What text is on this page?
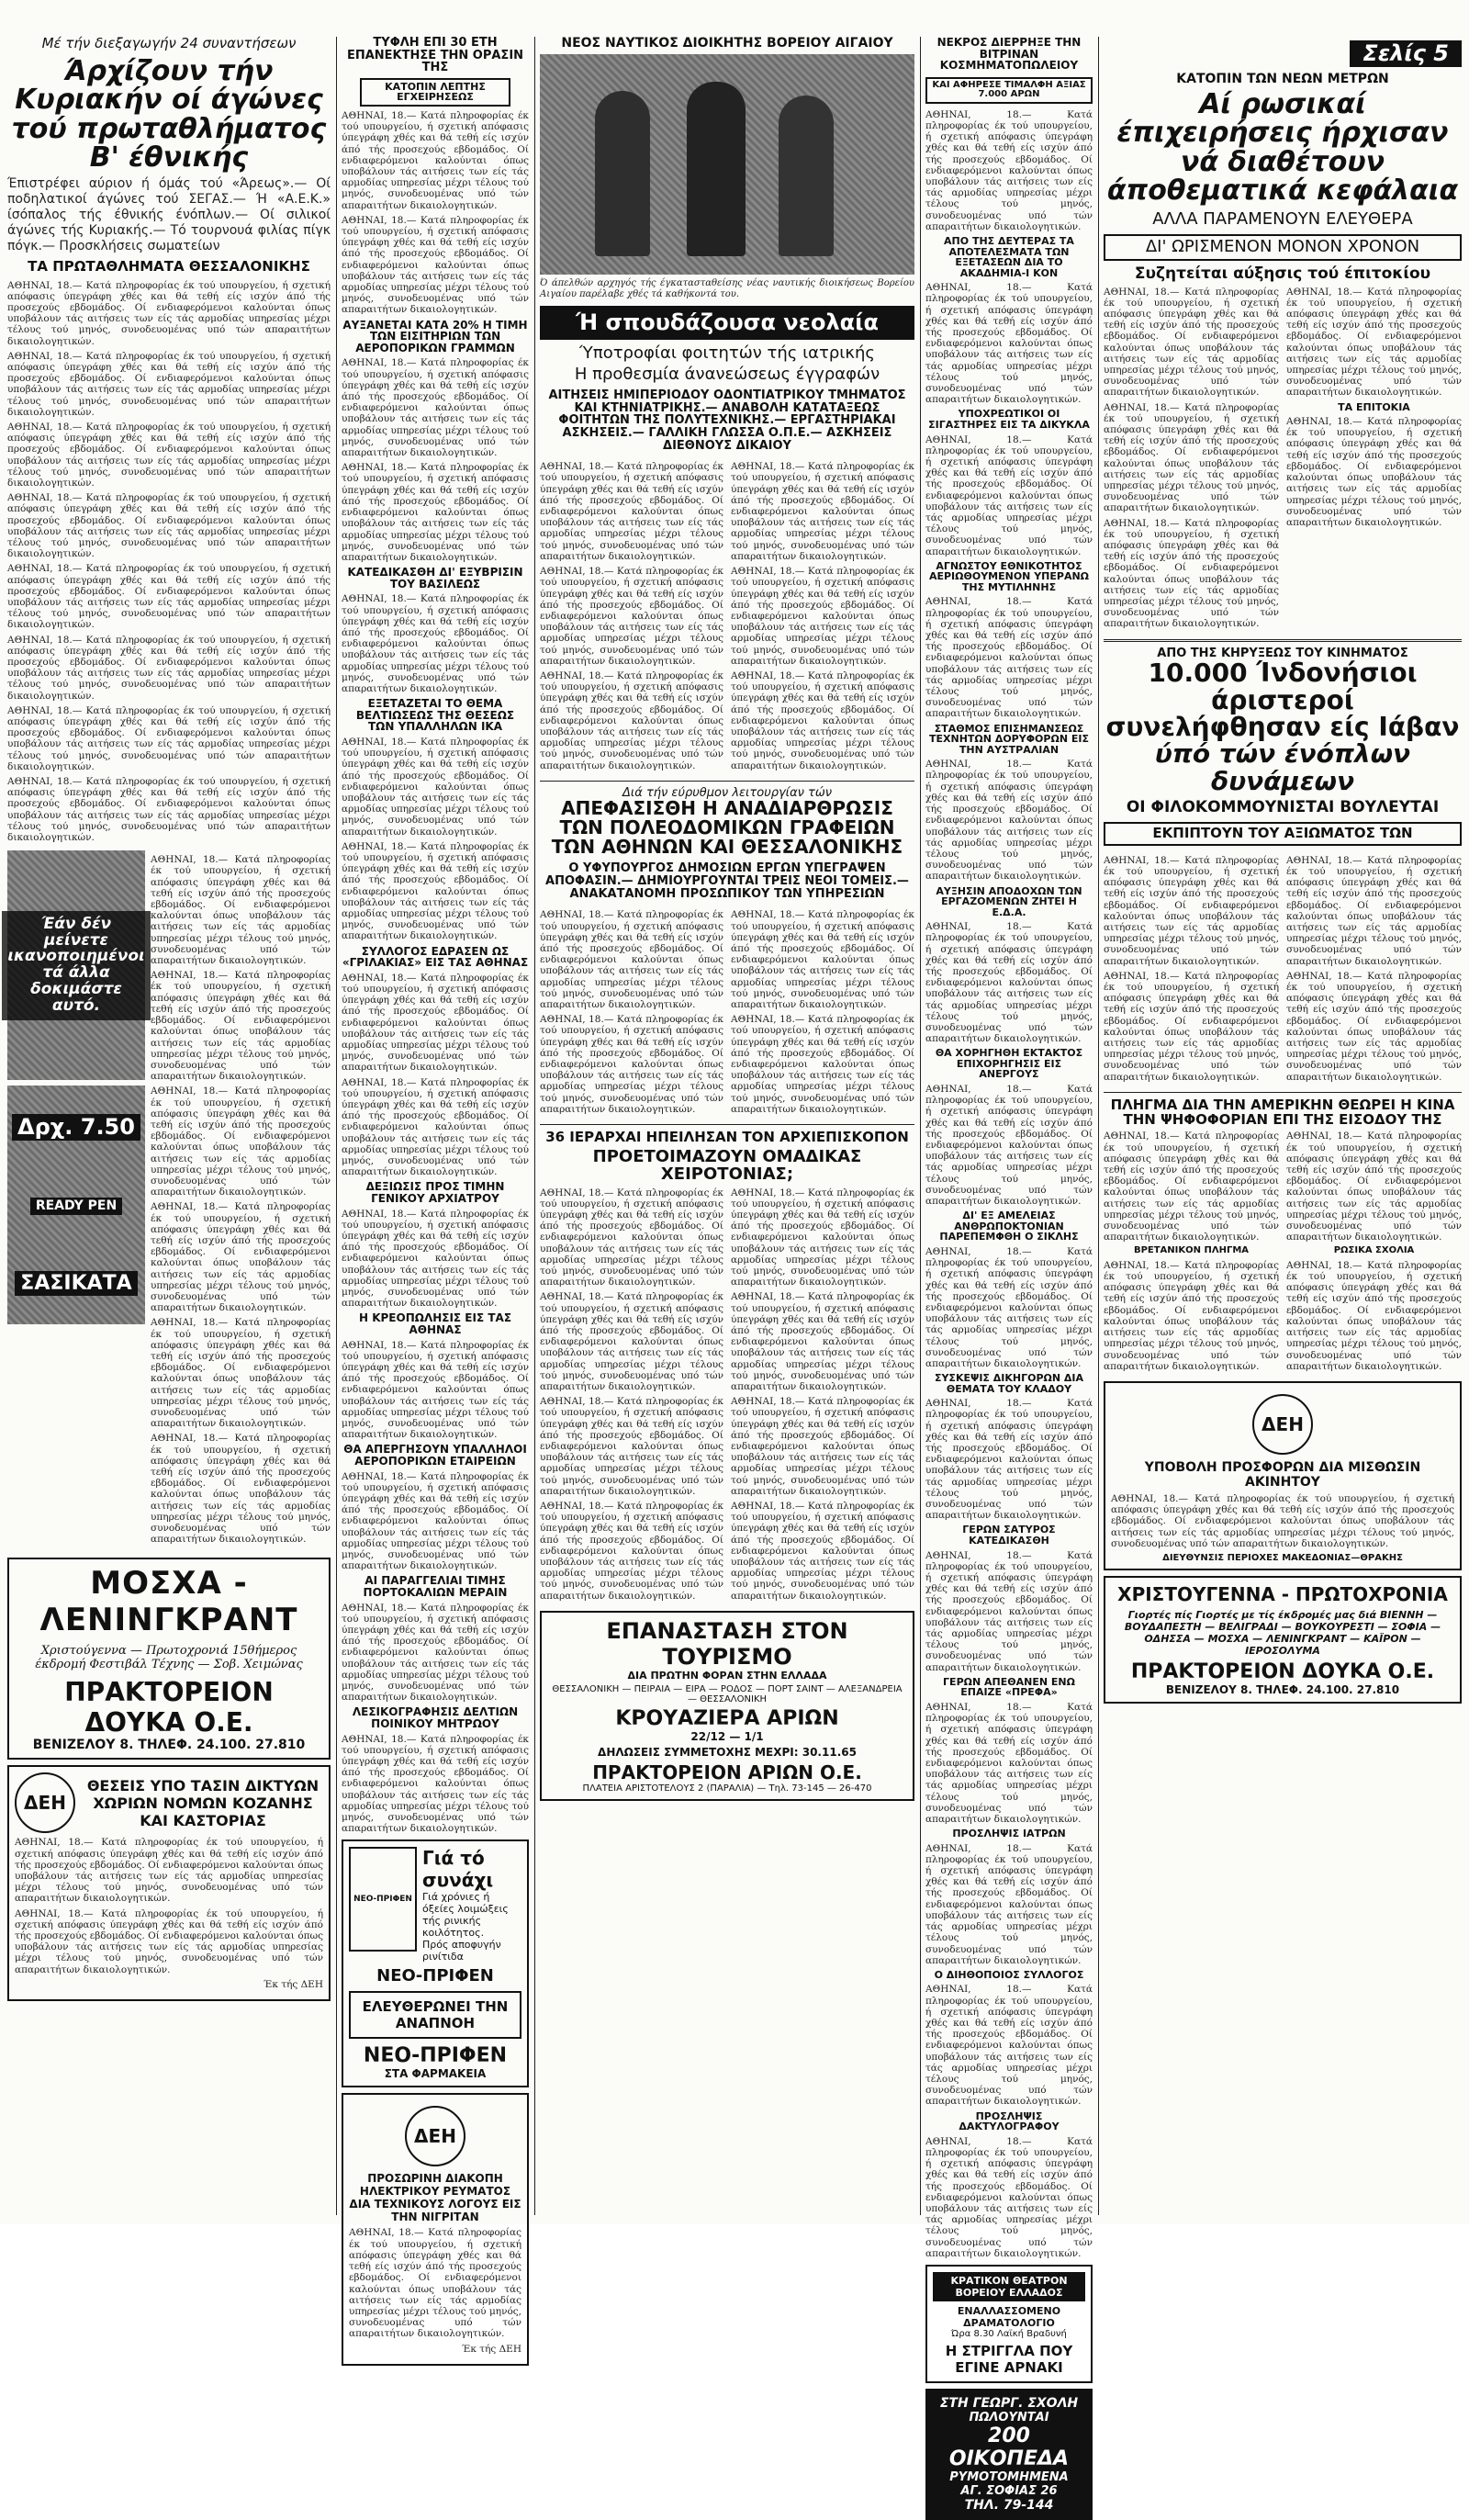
Μέ τήν διεξαγωγήν 24 συναντήσεων
Άρχίζουν τήν Κυριακήν οί άγώνες τού πρωταθλήματος Β' έθνικής
Έπιστρέφει αύριον ή όμάς τού «Άρεως».— Οί ποδηλατικοί άγώνες τού ΣΕΓΑΣ.— Ή «Α.Ε.Κ.» ίσόπαλος τής έθνικής ένόπλων.— Οί σιλικοί άγώνες τής Κυριακής.— Τό τουρνουά φιλίας πίγκ πόγκ.— Προσκλήσεις σωματείων
ΤΑ ΠΡΩΤΑΘΛΗΜΑΤΑ ΘΕΣΣΑΛΟΝΙΚΗΣ
ΑΘΗΝΑΙ, 18.— Κατά πληροφορίας έκ τού υπουργείου, ή σχετική απόφασις ύπεγράφη χθές και θά τεθή είς ισχύν άπό τής προσεχούς εβδομάδος. Οί ενδιαφερόμενοι καλούνται όπως υποβάλουν τάς αιτήσεις των είς τάς αρμοδίας υπηρεσίας μέχρι τέλους τού μηνός, συνοδευομένας υπό τών απαραιτήτων δικαιολογητικών.
ΑΘΗΝΑΙ, 18.— Κατά πληροφορίας έκ τού υπουργείου, ή σχετική απόφασις ύπεγράφη χθές και θά τεθή είς ισχύν άπό τής προσεχούς εβδομάδος. Οί ενδιαφερόμενοι καλούνται όπως υποβάλουν τάς αιτήσεις των είς τάς αρμοδίας υπηρεσίας μέχρι τέλους τού μηνός, συνοδευομένας υπό τών απαραιτήτων δικαιολογητικών.
ΑΘΗΝΑΙ, 18.— Κατά πληροφορίας έκ τού υπουργείου, ή σχετική απόφασις ύπεγράφη χθές και θά τεθή είς ισχύν άπό τής προσεχούς εβδομάδος. Οί ενδιαφερόμενοι καλούνται όπως υποβάλουν τάς αιτήσεις των είς τάς αρμοδίας υπηρεσίας μέχρι τέλους τού μηνός, συνοδευομένας υπό τών απαραιτήτων δικαιολογητικών.
ΑΘΗΝΑΙ, 18.— Κατά πληροφορίας έκ τού υπουργείου, ή σχετική απόφασις ύπεγράφη χθές και θά τεθή είς ισχύν άπό τής προσεχούς εβδομάδος. Οί ενδιαφερόμενοι καλούνται όπως υποβάλουν τάς αιτήσεις των είς τάς αρμοδίας υπηρεσίας μέχρι τέλους τού μηνός, συνοδευομένας υπό τών απαραιτήτων δικαιολογητικών.
ΑΘΗΝΑΙ, 18.— Κατά πληροφορίας έκ τού υπουργείου, ή σχετική απόφασις ύπεγράφη χθές και θά τεθή είς ισχύν άπό τής προσεχούς εβδομάδος. Οί ενδιαφερόμενοι καλούνται όπως υποβάλουν τάς αιτήσεις των είς τάς αρμοδίας υπηρεσίας μέχρι τέλους τού μηνός, συνοδευομένας υπό τών απαραιτήτων δικαιολογητικών.
ΑΘΗΝΑΙ, 18.— Κατά πληροφορίας έκ τού υπουργείου, ή σχετική απόφασις ύπεγράφη χθές και θά τεθή είς ισχύν άπό τής προσεχούς εβδομάδος. Οί ενδιαφερόμενοι καλούνται όπως υποβάλουν τάς αιτήσεις των είς τάς αρμοδίας υπηρεσίας μέχρι τέλους τού μηνός, συνοδευομένας υπό τών απαραιτήτων δικαιολογητικών.
ΑΘΗΝΑΙ, 18.— Κατά πληροφορίας έκ τού υπουργείου, ή σχετική απόφασις ύπεγράφη χθές και θά τεθή είς ισχύν άπό τής προσεχούς εβδομάδος. Οί ενδιαφερόμενοι καλούνται όπως υποβάλουν τάς αιτήσεις των είς τάς αρμοδίας υπηρεσίας μέχρι τέλους τού μηνός, συνοδευομένας υπό τών απαραιτήτων δικαιολογητικών.
ΑΘΗΝΑΙ, 18.— Κατά πληροφορίας έκ τού υπουργείου, ή σχετική απόφασις ύπεγράφη χθές και θά τεθή είς ισχύν άπό τής προσεχούς εβδομάδος. Οί ενδιαφερόμενοι καλούνται όπως υποβάλουν τάς αιτήσεις των είς τάς αρμοδίας υπηρεσίας μέχρι τέλους τού μηνός, συνοδευομένας υπό τών απαραιτήτων δικαιολογητικών.
Έάν δέν μείνετε ικανοποιημένοι τά άλλα δοκιμάστε αυτό.
Δρχ. 7.50
READY PEN
ΣΑΣΙΚΑΤΑ
ΑΘΗΝΑΙ, 18.— Κατά πληροφορίας έκ τού υπουργείου, ή σχετική απόφασις ύπεγράφη χθές και θά τεθή είς ισχύν άπό τής προσεχούς εβδομάδος. Οί ενδιαφερόμενοι καλούνται όπως υποβάλουν τάς αιτήσεις των είς τάς αρμοδίας υπηρεσίας μέχρι τέλους τού μηνός, συνοδευομένας υπό τών απαραιτήτων δικαιολογητικών.
ΑΘΗΝΑΙ, 18.— Κατά πληροφορίας έκ τού υπουργείου, ή σχετική απόφασις ύπεγράφη χθές και θά τεθή είς ισχύν άπό τής προσεχούς εβδομάδος. Οί ενδιαφερόμενοι καλούνται όπως υποβάλουν τάς αιτήσεις των είς τάς αρμοδίας υπηρεσίας μέχρι τέλους τού μηνός, συνοδευομένας υπό τών απαραιτήτων δικαιολογητικών.
ΑΘΗΝΑΙ, 18.— Κατά πληροφορίας έκ τού υπουργείου, ή σχετική απόφασις ύπεγράφη χθές και θά τεθή είς ισχύν άπό τής προσεχούς εβδομάδος. Οί ενδιαφερόμενοι καλούνται όπως υποβάλουν τάς αιτήσεις των είς τάς αρμοδίας υπηρεσίας μέχρι τέλους τού μηνός, συνοδευομένας υπό τών απαραιτήτων δικαιολογητικών.
ΑΘΗΝΑΙ, 18.— Κατά πληροφορίας έκ τού υπουργείου, ή σχετική απόφασις ύπεγράφη χθές και θά τεθή είς ισχύν άπό τής προσεχούς εβδομάδος. Οί ενδιαφερόμενοι καλούνται όπως υποβάλουν τάς αιτήσεις των είς τάς αρμοδίας υπηρεσίας μέχρι τέλους τού μηνός, συνοδευομένας υπό τών απαραιτήτων δικαιολογητικών.
ΑΘΗΝΑΙ, 18.— Κατά πληροφορίας έκ τού υπουργείου, ή σχετική απόφασις ύπεγράφη χθές και θά τεθή είς ισχύν άπό τής προσεχούς εβδομάδος. Οί ενδιαφερόμενοι καλούνται όπως υποβάλουν τάς αιτήσεις των είς τάς αρμοδίας υπηρεσίας μέχρι τέλους τού μηνός, συνοδευομένας υπό τών απαραιτήτων δικαιολογητικών.
ΑΘΗΝΑΙ, 18.— Κατά πληροφορίας έκ τού υπουργείου, ή σχετική απόφασις ύπεγράφη χθές και θά τεθή είς ισχύν άπό τής προσεχούς εβδομάδος. Οί ενδιαφερόμενοι καλούνται όπως υποβάλουν τάς αιτήσεις των είς τάς αρμοδίας υπηρεσίας μέχρι τέλους τού μηνός, συνοδευομένας υπό τών απαραιτήτων δικαιολογητικών.
ΜΟΣΧΑ - ΛΕΝΙΝΓΚΡΑΝΤ
Χριστούγεννα — Πρωτοχρονιά 15θήμερος έκδρομή Φεστιβάλ Τέχνης — Σοβ. Χειμώνας
ΠΡΑΚΤΟΡΕΙΟΝ ΔΟΥΚΑ Ο.Ε.
ΒΕΝΙΖΕΛΟΥ 8. ΤΗΛΕΦ. 24.100. 27.810
ΔΕΗ
ΘΕΣΕΙΣ ΥΠΟ ΤΑΣΙΝ ΔΙΚΤΥΩΝ ΧΩΡΙΩΝ ΝΟΜΩΝ ΚΟΖΑΝΗΣ ΚΑΙ ΚΑΣΤΟΡΙΑΣ
ΑΘΗΝΑΙ, 18.— Κατά πληροφορίας έκ τού υπουργείου, ή σχετική απόφασις ύπεγράφη χθές και θά τεθή είς ισχύν άπό τής προσεχούς εβδομάδος. Οί ενδιαφερόμενοι καλούνται όπως υποβάλουν τάς αιτήσεις των είς τάς αρμοδίας υπηρεσίας μέχρι τέλους τού μηνός, συνοδευομένας υπό τών απαραιτήτων δικαιολογητικών.
ΑΘΗΝΑΙ, 18.— Κατά πληροφορίας έκ τού υπουργείου, ή σχετική απόφασις ύπεγράφη χθές και θά τεθή είς ισχύν άπό τής προσεχούς εβδομάδος. Οί ενδιαφερόμενοι καλούνται όπως υποβάλουν τάς αιτήσεις των είς τάς αρμοδίας υπηρεσίας μέχρι τέλους τού μηνός, συνοδευομένας υπό τών απαραιτήτων δικαιολογητικών.
Έκ τής ΔΕΗ
ΤΥΦΛΗ ΕΠΙ 30 ΕΤΗ ΕΠΑΝΕΚΤΗΣΕ ΤΗΝ ΟΡΑΣΙΝ ΤΗΣ
ΚΑΤΟΠΙΝ ΛΕΠΤΗΣ ΕΓΧΕΙΡΗΣΕΩΣ
ΑΘΗΝΑΙ, 18.— Κατά πληροφορίας έκ τού υπουργείου, ή σχετική απόφασις ύπεγράφη χθές και θά τεθή είς ισχύν άπό τής προσεχούς εβδομάδος. Οί ενδιαφερόμενοι καλούνται όπως υποβάλουν τάς αιτήσεις των είς τάς αρμοδίας υπηρεσίας μέχρι τέλους τού μηνός, συνοδευομένας υπό τών απαραιτήτων δικαιολογητικών.
ΑΘΗΝΑΙ, 18.— Κατά πληροφορίας έκ τού υπουργείου, ή σχετική απόφασις ύπεγράφη χθές και θά τεθή είς ισχύν άπό τής προσεχούς εβδομάδος. Οί ενδιαφερόμενοι καλούνται όπως υποβάλουν τάς αιτήσεις των είς τάς αρμοδίας υπηρεσίας μέχρι τέλους τού μηνός, συνοδευομένας υπό τών απαραιτήτων δικαιολογητικών.
ΑΥΞΑΝΕΤΑΙ ΚΑΤΑ 20% Η ΤΙΜΗ ΤΩΝ ΕΙΣΙΤΗΡΙΩΝ ΤΩΝ ΑΕΡΟΠΟΡΙΚΩΝ ΓΡΑΜΜΩΝ
ΑΘΗΝΑΙ, 18.— Κατά πληροφορίας έκ τού υπουργείου, ή σχετική απόφασις ύπεγράφη χθές και θά τεθή είς ισχύν άπό τής προσεχούς εβδομάδος. Οί ενδιαφερόμενοι καλούνται όπως υποβάλουν τάς αιτήσεις των είς τάς αρμοδίας υπηρεσίας μέχρι τέλους τού μηνός, συνοδευομένας υπό τών απαραιτήτων δικαιολογητικών.
ΑΘΗΝΑΙ, 18.— Κατά πληροφορίας έκ τού υπουργείου, ή σχετική απόφασις ύπεγράφη χθές και θά τεθή είς ισχύν άπό τής προσεχούς εβδομάδος. Οί ενδιαφερόμενοι καλούνται όπως υποβάλουν τάς αιτήσεις των είς τάς αρμοδίας υπηρεσίας μέχρι τέλους τού μηνός, συνοδευομένας υπό τών απαραιτήτων δικαιολογητικών.
ΚΑΤΕΔΙΚΑΣΘΗ ΔΙ' ΕΞΥΒΡΙΣΙΝ ΤΟΥ ΒΑΣΙΛΕΩΣ
ΑΘΗΝΑΙ, 18.— Κατά πληροφορίας έκ τού υπουργείου, ή σχετική απόφασις ύπεγράφη χθές και θά τεθή είς ισχύν άπό τής προσεχούς εβδομάδος. Οί ενδιαφερόμενοι καλούνται όπως υποβάλουν τάς αιτήσεις των είς τάς αρμοδίας υπηρεσίας μέχρι τέλους τού μηνός, συνοδευομένας υπό τών απαραιτήτων δικαιολογητικών.
ΕΞΕΤΑΖΕΤΑΙ ΤΟ ΘΕΜΑ ΒΕΛΤΙΩΣΕΩΣ ΤΗΣ ΘΕΣΕΩΣ ΤΩΝ ΥΠΑΛΛΗΛΩΝ ΙΚΑ
ΑΘΗΝΑΙ, 18.— Κατά πληροφορίας έκ τού υπουργείου, ή σχετική απόφασις ύπεγράφη χθές και θά τεθή είς ισχύν άπό τής προσεχούς εβδομάδος. Οί ενδιαφερόμενοι καλούνται όπως υποβάλουν τάς αιτήσεις των είς τάς αρμοδίας υπηρεσίας μέχρι τέλους τού μηνός, συνοδευομένας υπό τών απαραιτήτων δικαιολογητικών.
ΑΘΗΝΑΙ, 18.— Κατά πληροφορίας έκ τού υπουργείου, ή σχετική απόφασις ύπεγράφη χθές και θά τεθή είς ισχύν άπό τής προσεχούς εβδομάδος. Οί ενδιαφερόμενοι καλούνται όπως υποβάλουν τάς αιτήσεις των είς τάς αρμοδίας υπηρεσίας μέχρι τέλους τού μηνός, συνοδευομένας υπό τών απαραιτήτων δικαιολογητικών.
ΣΥΛΛΟΓΟΣ ΕΔΡΑΣΕΝ ΩΣ «ΓΡΙΛΑΚΙΑΣ» ΕΙΣ ΤΑΣ ΑΘΗΝΑΣ
ΑΘΗΝΑΙ, 18.— Κατά πληροφορίας έκ τού υπουργείου, ή σχετική απόφασις ύπεγράφη χθές και θά τεθή είς ισχύν άπό τής προσεχούς εβδομάδος. Οί ενδιαφερόμενοι καλούνται όπως υποβάλουν τάς αιτήσεις των είς τάς αρμοδίας υπηρεσίας μέχρι τέλους τού μηνός, συνοδευομένας υπό τών απαραιτήτων δικαιολογητικών.
ΑΘΗΝΑΙ, 18.— Κατά πληροφορίας έκ τού υπουργείου, ή σχετική απόφασις ύπεγράφη χθές και θά τεθή είς ισχύν άπό τής προσεχούς εβδομάδος. Οί ενδιαφερόμενοι καλούνται όπως υποβάλουν τάς αιτήσεις των είς τάς αρμοδίας υπηρεσίας μέχρι τέλους τού μηνός, συνοδευομένας υπό τών απαραιτήτων δικαιολογητικών.
ΔΕΞΙΩΣΙΣ ΠΡΟΣ ΤΙΜΗΝ ΓΕΝΙΚΟΥ ΑΡΧΙΑΤΡΟΥ
ΑΘΗΝΑΙ, 18.— Κατά πληροφορίας έκ τού υπουργείου, ή σχετική απόφασις ύπεγράφη χθές και θά τεθή είς ισχύν άπό τής προσεχούς εβδομάδος. Οί ενδιαφερόμενοι καλούνται όπως υποβάλουν τάς αιτήσεις των είς τάς αρμοδίας υπηρεσίας μέχρι τέλους τού μηνός, συνοδευομένας υπό τών απαραιτήτων δικαιολογητικών.
Η ΚΡΕΟΠΩΛΗΣΙΣ ΕΙΣ ΤΑΣ ΑΘΗΝΑΣ
ΑΘΗΝΑΙ, 18.— Κατά πληροφορίας έκ τού υπουργείου, ή σχετική απόφασις ύπεγράφη χθές και θά τεθή είς ισχύν άπό τής προσεχούς εβδομάδος. Οί ενδιαφερόμενοι καλούνται όπως υποβάλουν τάς αιτήσεις των είς τάς αρμοδίας υπηρεσίας μέχρι τέλους τού μηνός, συνοδευομένας υπό τών απαραιτήτων δικαιολογητικών.
ΘΑ ΑΠΕΡΓΗΣΟΥΝ ΥΠΑΛΛΗΛΟΙ ΑΕΡΟΠΟΡΙΚΩΝ ΕΤΑΙΡΕΙΩΝ
ΑΘΗΝΑΙ, 18.— Κατά πληροφορίας έκ τού υπουργείου, ή σχετική απόφασις ύπεγράφη χθές και θά τεθή είς ισχύν άπό τής προσεχούς εβδομάδος. Οί ενδιαφερόμενοι καλούνται όπως υποβάλουν τάς αιτήσεις των είς τάς αρμοδίας υπηρεσίας μέχρι τέλους τού μηνός, συνοδευομένας υπό τών απαραιτήτων δικαιολογητικών.
ΑΙ ΠΑΡΑΓΓΕΛΙΑΙ ΤΙΜΗΣ ΠΟΡΤΟΚΑΛΙΩΝ ΜΕΡΑΙΝ
ΑΘΗΝΑΙ, 18.— Κατά πληροφορίας έκ τού υπουργείου, ή σχετική απόφασις ύπεγράφη χθές και θά τεθή είς ισχύν άπό τής προσεχούς εβδομάδος. Οί ενδιαφερόμενοι καλούνται όπως υποβάλουν τάς αιτήσεις των είς τάς αρμοδίας υπηρεσίας μέχρι τέλους τού μηνός, συνοδευομένας υπό τών απαραιτήτων δικαιολογητικών.
ΛΕΣΙΚΟΓΡΑΦΗΣΙΣ ΔΕΛΤΙΩΝ ΠΟΙΝΙΚΟΥ ΜΗΤΡΩΟΥ
ΑΘΗΝΑΙ, 18.— Κατά πληροφορίας έκ τού υπουργείου, ή σχετική απόφασις ύπεγράφη χθές και θά τεθή είς ισχύν άπό τής προσεχούς εβδομάδος. Οί ενδιαφερόμενοι καλούνται όπως υποβάλουν τάς αιτήσεις των είς τάς αρμοδίας υπηρεσίας μέχρι τέλους τού μηνός, συνοδευομένας υπό τών απαραιτήτων δικαιολογητικών.
ΝΕΟ-ΠΡΙΦΕΝ
Γιά τό συνάχι
Γιά χρόνιες ή όξείες λοιμώξεις τής ρινικής κοιλότητος.
Πρός αποφυγήν ρινίτιδα
ΝΕΟ-ΠΡΙΦΕΝ
ΕΛΕΥΘΕΡΩΝΕΙ ΤΗΝ ΑΝΑΠΝΟΗ
ΝΕΟ-ΠΡΙΦΕΝ
ΣΤΑ ΦΑΡΜΑΚΕΙΑ
ΔΕΗ
ΠΡΟΣΩΡΙΝΗ ΔΙΑΚΟΠΗ ΗΛΕΚΤΡΙΚΟΥ ΡΕΥΜΑΤΟΣ ΔΙΑ ΤΕΧΝΙΚΟΥΣ ΛΟΓΟΥΣ ΕΙΣ ΤΗΝ ΝΙΓΡΙΤΑΝ
ΑΘΗΝΑΙ, 18.— Κατά πληροφορίας έκ τού υπουργείου, ή σχετική απόφασις ύπεγράφη χθές και θά τεθή είς ισχύν άπό τής προσεχούς εβδομάδος. Οί ενδιαφερόμενοι καλούνται όπως υποβάλουν τάς αιτήσεις των είς τάς αρμοδίας υπηρεσίας μέχρι τέλους τού μηνός, συνοδευομένας υπό τών απαραιτήτων δικαιολογητικών.
Έκ τής ΔΕΗ
ΝΕΟΣ ΝΑΥΤΙΚΟΣ ΔΙΟΙΚΗΤΗΣ ΒΟΡΕΙΟΥ ΑΙΓΑΙΟΥ
Ό άπελθών αρχηγός τής έγκατασταθείσης νέας ναυτικής διοικήσεως Βορείου Αιγαίου παρέλαβε χθές τά καθήκοντά του.
Ή σπουδάζουσα νεολαία
Ύποτροφίαι φοιτητών τής ιατρικής
Η προθεσμία άνανεώσεως έγγραφών
ΑΙΤΗΣΕΙΣ ΗΜΙΠΕΡΙΟΔΟΥ ΟΔΟΝΤΙΑΤΡΙΚΟΥ ΤΜΗΜΑΤΟΣ ΚΑΙ ΚΤΗΝΙΑΤΡΙΚΗΣ.— ΑΝΑΒΟΛΗ ΚΑΤΑΤΑΞΕΩΣ ΦΟΙΤΗΤΩΝ ΤΗΣ ΠΟΛΥΤΕΧΝΙΚΗΣ.— ΕΡΓΑΣΤΗΡΙΑΚΑΙ ΑΣΚΗΣΕΙΣ.— ΓΑΛΛΙΚΗ ΓΛΩΣΣΑ Ο.Π.Ε.— ΑΣΚΗΣΕΙΣ ΔΙΕΘΝΟΥΣ ΔΙΚΑΙΟΥ
ΑΘΗΝΑΙ, 18.— Κατά πληροφορίας έκ τού υπουργείου, ή σχετική απόφασις ύπεγράφη χθές και θά τεθή είς ισχύν άπό τής προσεχούς εβδομάδος. Οί ενδιαφερόμενοι καλούνται όπως υποβάλουν τάς αιτήσεις των είς τάς αρμοδίας υπηρεσίας μέχρι τέλους τού μηνός, συνοδευομένας υπό τών απαραιτήτων δικαιολογητικών.
ΑΘΗΝΑΙ, 18.— Κατά πληροφορίας έκ τού υπουργείου, ή σχετική απόφασις ύπεγράφη χθές και θά τεθή είς ισχύν άπό τής προσεχούς εβδομάδος. Οί ενδιαφερόμενοι καλούνται όπως υποβάλουν τάς αιτήσεις των είς τάς αρμοδίας υπηρεσίας μέχρι τέλους τού μηνός, συνοδευομένας υπό τών απαραιτήτων δικαιολογητικών.
ΑΘΗΝΑΙ, 18.— Κατά πληροφορίας έκ τού υπουργείου, ή σχετική απόφασις ύπεγράφη χθές και θά τεθή είς ισχύν άπό τής προσεχούς εβδομάδος. Οί ενδιαφερόμενοι καλούνται όπως υποβάλουν τάς αιτήσεις των είς τάς αρμοδίας υπηρεσίας μέχρι τέλους τού μηνός, συνοδευομένας υπό τών απαραιτήτων δικαιολογητικών.
ΑΘΗΝΑΙ, 18.— Κατά πληροφορίας έκ τού υπουργείου, ή σχετική απόφασις ύπεγράφη χθές και θά τεθή είς ισχύν άπό τής προσεχούς εβδομάδος. Οί ενδιαφερόμενοι καλούνται όπως υποβάλουν τάς αιτήσεις των είς τάς αρμοδίας υπηρεσίας μέχρι τέλους τού μηνός, συνοδευομένας υπό τών απαραιτήτων δικαιολογητικών.
ΑΘΗΝΑΙ, 18.— Κατά πληροφορίας έκ τού υπουργείου, ή σχετική απόφασις ύπεγράφη χθές και θά τεθή είς ισχύν άπό τής προσεχούς εβδομάδος. Οί ενδιαφερόμενοι καλούνται όπως υποβάλουν τάς αιτήσεις των είς τάς αρμοδίας υπηρεσίας μέχρι τέλους τού μηνός, συνοδευομένας υπό τών απαραιτήτων δικαιολογητικών.
ΑΘΗΝΑΙ, 18.— Κατά πληροφορίας έκ τού υπουργείου, ή σχετική απόφασις ύπεγράφη χθές και θά τεθή είς ισχύν άπό τής προσεχούς εβδομάδος. Οί ενδιαφερόμενοι καλούνται όπως υποβάλουν τάς αιτήσεις των είς τάς αρμοδίας υπηρεσίας μέχρι τέλους τού μηνός, συνοδευομένας υπό τών απαραιτήτων δικαιολογητικών.
Διά τήν εύρυθμον λειτουργίαν τών
ΑΠΕΦΑΣΙΣΘΗ Η ΑΝΑΔΙΑΡΘΡΩΣΙΣ ΤΩΝ ΠΟΛΕΟΔΟΜΙΚΩΝ ΓΡΑΦΕΙΩΝ ΤΩΝ ΑΘΗΝΩΝ ΚΑΙ ΘΕΣΣΑΛΟΝΙΚΗΣ
Ο ΥΦΥΠΟΥΡΓΟΣ ΔΗΜΟΣΙΩΝ ΕΡΓΩΝ ΥΠΕΓΡΑΨΕΝ ΑΠΟΦΑΣΙΝ.— ΔΗΜΙΟΥΡΓΟΥΝΤΑΙ ΤΡΕΙΣ ΝΕΟΙ ΤΟΜΕΙΣ.— ΑΝΑΚΑΤΑΝΟΜΗ ΠΡΟΣΩΠΙΚΟΥ ΤΩΝ ΥΠΗΡΕΣΙΩΝ
ΑΘΗΝΑΙ, 18.— Κατά πληροφορίας έκ τού υπουργείου, ή σχετική απόφασις ύπεγράφη χθές και θά τεθή είς ισχύν άπό τής προσεχούς εβδομάδος. Οί ενδιαφερόμενοι καλούνται όπως υποβάλουν τάς αιτήσεις των είς τάς αρμοδίας υπηρεσίας μέχρι τέλους τού μηνός, συνοδευομένας υπό τών απαραιτήτων δικαιολογητικών.
ΑΘΗΝΑΙ, 18.— Κατά πληροφορίας έκ τού υπουργείου, ή σχετική απόφασις ύπεγράφη χθές και θά τεθή είς ισχύν άπό τής προσεχούς εβδομάδος. Οί ενδιαφερόμενοι καλούνται όπως υποβάλουν τάς αιτήσεις των είς τάς αρμοδίας υπηρεσίας μέχρι τέλους τού μηνός, συνοδευομένας υπό τών απαραιτήτων δικαιολογητικών.
ΑΘΗΝΑΙ, 18.— Κατά πληροφορίας έκ τού υπουργείου, ή σχετική απόφασις ύπεγράφη χθές και θά τεθή είς ισχύν άπό τής προσεχούς εβδομάδος. Οί ενδιαφερόμενοι καλούνται όπως υποβάλουν τάς αιτήσεις των είς τάς αρμοδίας υπηρεσίας μέχρι τέλους τού μηνός, συνοδευομένας υπό τών απαραιτήτων δικαιολογητικών.
ΑΘΗΝΑΙ, 18.— Κατά πληροφορίας έκ τού υπουργείου, ή σχετική απόφασις ύπεγράφη χθές και θά τεθή είς ισχύν άπό τής προσεχούς εβδομάδος. Οί ενδιαφερόμενοι καλούνται όπως υποβάλουν τάς αιτήσεις των είς τάς αρμοδίας υπηρεσίας μέχρι τέλους τού μηνός, συνοδευομένας υπό τών απαραιτήτων δικαιολογητικών.
36 ΙΕΡΑΡΧΑΙ ΗΠΕΙΛΗΣΑΝ ΤΟΝ ΑΡΧΙΕΠΙΣΚΟΠΟΝ
ΠΡΟΕΤΟΙΜΑΖΟΥΝ ΟΜΑΔΙΚΑΣ ΧΕΙΡΟΤΟΝΙΑΣ;
ΑΘΗΝΑΙ, 18.— Κατά πληροφορίας έκ τού υπουργείου, ή σχετική απόφασις ύπεγράφη χθές και θά τεθή είς ισχύν άπό τής προσεχούς εβδομάδος. Οί ενδιαφερόμενοι καλούνται όπως υποβάλουν τάς αιτήσεις των είς τάς αρμοδίας υπηρεσίας μέχρι τέλους τού μηνός, συνοδευομένας υπό τών απαραιτήτων δικαιολογητικών.
ΑΘΗΝΑΙ, 18.— Κατά πληροφορίας έκ τού υπουργείου, ή σχετική απόφασις ύπεγράφη χθές και θά τεθή είς ισχύν άπό τής προσεχούς εβδομάδος. Οί ενδιαφερόμενοι καλούνται όπως υποβάλουν τάς αιτήσεις των είς τάς αρμοδίας υπηρεσίας μέχρι τέλους τού μηνός, συνοδευομένας υπό τών απαραιτήτων δικαιολογητικών.
ΑΘΗΝΑΙ, 18.— Κατά πληροφορίας έκ τού υπουργείου, ή σχετική απόφασις ύπεγράφη χθές και θά τεθή είς ισχύν άπό τής προσεχούς εβδομάδος. Οί ενδιαφερόμενοι καλούνται όπως υποβάλουν τάς αιτήσεις των είς τάς αρμοδίας υπηρεσίας μέχρι τέλους τού μηνός, συνοδευομένας υπό τών απαραιτήτων δικαιολογητικών.
ΑΘΗΝΑΙ, 18.— Κατά πληροφορίας έκ τού υπουργείου, ή σχετική απόφασις ύπεγράφη χθές και θά τεθή είς ισχύν άπό τής προσεχούς εβδομάδος. Οί ενδιαφερόμενοι καλούνται όπως υποβάλουν τάς αιτήσεις των είς τάς αρμοδίας υπηρεσίας μέχρι τέλους τού μηνός, συνοδευομένας υπό τών απαραιτήτων δικαιολογητικών.
ΑΘΗΝΑΙ, 18.— Κατά πληροφορίας έκ τού υπουργείου, ή σχετική απόφασις ύπεγράφη χθές και θά τεθή είς ισχύν άπό τής προσεχούς εβδομάδος. Οί ενδιαφερόμενοι καλούνται όπως υποβάλουν τάς αιτήσεις των είς τάς αρμοδίας υπηρεσίας μέχρι τέλους τού μηνός, συνοδευομένας υπό τών απαραιτήτων δικαιολογητικών.
ΑΘΗΝΑΙ, 18.— Κατά πληροφορίας έκ τού υπουργείου, ή σχετική απόφασις ύπεγράφη χθές και θά τεθή είς ισχύν άπό τής προσεχούς εβδομάδος. Οί ενδιαφερόμενοι καλούνται όπως υποβάλουν τάς αιτήσεις των είς τάς αρμοδίας υπηρεσίας μέχρι τέλους τού μηνός, συνοδευομένας υπό τών απαραιτήτων δικαιολογητικών.
ΑΘΗΝΑΙ, 18.— Κατά πληροφορίας έκ τού υπουργείου, ή σχετική απόφασις ύπεγράφη χθές και θά τεθή είς ισχύν άπό τής προσεχούς εβδομάδος. Οί ενδιαφερόμενοι καλούνται όπως υποβάλουν τάς αιτήσεις των είς τάς αρμοδίας υπηρεσίας μέχρι τέλους τού μηνός, συνοδευομένας υπό τών απαραιτήτων δικαιολογητικών.
ΑΘΗΝΑΙ, 18.— Κατά πληροφορίας έκ τού υπουργείου, ή σχετική απόφασις ύπεγράφη χθές και θά τεθή είς ισχύν άπό τής προσεχούς εβδομάδος. Οί ενδιαφερόμενοι καλούνται όπως υποβάλουν τάς αιτήσεις των είς τάς αρμοδίας υπηρεσίας μέχρι τέλους τού μηνός, συνοδευομένας υπό τών απαραιτήτων δικαιολογητικών.
ΕΠΑΝΑΣΤΑΣΗ ΣΤΟΝ ΤΟΥΡΙΣΜΟ
ΔΙΑ ΠΡΩΤΗΝ ΦΟΡΑΝ ΣΤΗΝ ΕΛΛΑΔΑ
ΘΕΣΣΑΛΟΝΙΚΗ — ΠΕΙΡΑΙΑ — ΕΙΡΑ — ΡΟΔΟΣ — ΠΟΡΤ ΣΑΙΝΤ — ΑΛΕΞΑΝΔΡΕΙΑ — ΘΕΣΣΑΛΟΝΙΚΗ
ΚΡΟΥΑΖΙΕΡΑ ΑΡΙΩΝ
22/12 — 1/1
ΔΗΛΩΣΕΙΣ ΣΥΜΜΕΤΟΧΗΣ ΜΕΧΡΙ: 30.11.65
ΠΡΑΚΤΟΡΕΙΟΝ ΑΡΙΩΝ Ο.Ε.
ΠΛΑΤΕΙΑ ΑΡΙΣΤΟΤΕΛΟΥΣ 2 (ΠΑΡΑΛΙΑ) — Τηλ. 73-145 — 26-470
ΝΕΚΡΟΣ ΔΙΕΡΡΗΞΕ ΤΗΝ ΒΙΤΡΙΝΑΝ ΚΟΣΜΗΜΑΤΟΠΩΛΕΙΟΥ
ΚΑΙ ΑΦΗΡΕΣΕ ΤΙΜΑΛΦΗ ΑΞΙΑΣ 7.000 ΑΡΩΝ
ΑΘΗΝΑΙ, 18.— Κατά πληροφορίας έκ τού υπουργείου, ή σχετική απόφασις ύπεγράφη χθές και θά τεθή είς ισχύν άπό τής προσεχούς εβδομάδος. Οί ενδιαφερόμενοι καλούνται όπως υποβάλουν τάς αιτήσεις των είς τάς αρμοδίας υπηρεσίας μέχρι τέλους τού μηνός, συνοδευομένας υπό τών απαραιτήτων δικαιολογητικών.
ΑΠΟ ΤΗΣ ΔΕΥΤΕΡΑΣ ΤΑ ΑΠΟΤΕΛΕΣΜΑΤΑ ΤΩΝ ΕΞΕΤΑΣΕΩΝ ΔΙΑ ΤΟ ΑΚΑΔΗΜΙΑ-Ι ΚΟΝ
ΑΘΗΝΑΙ, 18.— Κατά πληροφορίας έκ τού υπουργείου, ή σχετική απόφασις ύπεγράφη χθές και θά τεθή είς ισχύν άπό τής προσεχούς εβδομάδος. Οί ενδιαφερόμενοι καλούνται όπως υποβάλουν τάς αιτήσεις των είς τάς αρμοδίας υπηρεσίας μέχρι τέλους τού μηνός, συνοδευομένας υπό τών απαραιτήτων δικαιολογητικών.
ΥΠΟΧΡΕΩΤΙΚΟΙ ΟΙ ΣΙΓΑΣΤΗΡΕΣ ΕΙΣ ΤΑ ΔΙΚΥΚΛΑ
ΑΘΗΝΑΙ, 18.— Κατά πληροφορίας έκ τού υπουργείου, ή σχετική απόφασις ύπεγράφη χθές και θά τεθή είς ισχύν άπό τής προσεχούς εβδομάδος. Οί ενδιαφερόμενοι καλούνται όπως υποβάλουν τάς αιτήσεις των είς τάς αρμοδίας υπηρεσίας μέχρι τέλους τού μηνός, συνοδευομένας υπό τών απαραιτήτων δικαιολογητικών.
ΑΓΝΩΣΤΟΥ ΕΘΝΙΚΟΤΗΤΟΣ ΑΕΡΙΩΘΟΥΜΕΝΟΝ ΥΠΕΡΑΝΩ ΤΗΣ ΜΥΤΙΛΗΝΗΣ
ΑΘΗΝΑΙ, 18.— Κατά πληροφορίας έκ τού υπουργείου, ή σχετική απόφασις ύπεγράφη χθές και θά τεθή είς ισχύν άπό τής προσεχούς εβδομάδος. Οί ενδιαφερόμενοι καλούνται όπως υποβάλουν τάς αιτήσεις των είς τάς αρμοδίας υπηρεσίας μέχρι τέλους τού μηνός, συνοδευομένας υπό τών απαραιτήτων δικαιολογητικών.
ΣΤΑΘΜΟΣ ΕΠΙΣΗΜΑΝΣΕΩΣ ΤΕΧΝΗΤΩΝ ΔΟΡΥΦΟΡΩΝ ΕΙΣ ΤΗΝ ΑΥΣΤΡΑΛΙΑΝ
ΑΘΗΝΑΙ, 18.— Κατά πληροφορίας έκ τού υπουργείου, ή σχετική απόφασις ύπεγράφη χθές και θά τεθή είς ισχύν άπό τής προσεχούς εβδομάδος. Οί ενδιαφερόμενοι καλούνται όπως υποβάλουν τάς αιτήσεις των είς τάς αρμοδίας υπηρεσίας μέχρι τέλους τού μηνός, συνοδευομένας υπό τών απαραιτήτων δικαιολογητικών.
ΑΥΞΗΣΙΝ ΑΠΟΔΟΧΩΝ ΤΩΝ ΕΡΓΑΖΟΜΕΝΩΝ ΖΗΤΕΙ Η Ε.Δ.Α.
ΑΘΗΝΑΙ, 18.— Κατά πληροφορίας έκ τού υπουργείου, ή σχετική απόφασις ύπεγράφη χθές και θά τεθή είς ισχύν άπό τής προσεχούς εβδομάδος. Οί ενδιαφερόμενοι καλούνται όπως υποβάλουν τάς αιτήσεις των είς τάς αρμοδίας υπηρεσίας μέχρι τέλους τού μηνός, συνοδευομένας υπό τών απαραιτήτων δικαιολογητικών.
ΘΑ ΧΟΡΗΓΗΘΗ ΕΚΤΑΚΤΟΣ ΕΠΙΧΟΡΗΓΗΣΙΣ ΕΙΣ ΑΝΕΡΓΟΥΣ
ΑΘΗΝΑΙ, 18.— Κατά πληροφορίας έκ τού υπουργείου, ή σχετική απόφασις ύπεγράφη χθές και θά τεθή είς ισχύν άπό τής προσεχούς εβδομάδος. Οί ενδιαφερόμενοι καλούνται όπως υποβάλουν τάς αιτήσεις των είς τάς αρμοδίας υπηρεσίας μέχρι τέλους τού μηνός, συνοδευομένας υπό τών απαραιτήτων δικαιολογητικών.
ΔΙ' ΕΞ ΑΜΕΛΕΙΑΣ ΑΝΘΡΩΠΟΚΤΟΝΙΑΝ ΠΑΡΕΠΕΜΦΘΗ Ο ΣΙΚΛΗΣ
ΑΘΗΝΑΙ, 18.— Κατά πληροφορίας έκ τού υπουργείου, ή σχετική απόφασις ύπεγράφη χθές και θά τεθή είς ισχύν άπό τής προσεχούς εβδομάδος. Οί ενδιαφερόμενοι καλούνται όπως υποβάλουν τάς αιτήσεις των είς τάς αρμοδίας υπηρεσίας μέχρι τέλους τού μηνός, συνοδευομένας υπό τών απαραιτήτων δικαιολογητικών.
ΣΥΣΚΕΨΙΣ ΔΙΚΗΓΟΡΩΝ ΔΙΑ ΘΕΜΑΤΑ ΤΟΥ ΚΛΑΔΟΥ
ΑΘΗΝΑΙ, 18.— Κατά πληροφορίας έκ τού υπουργείου, ή σχετική απόφασις ύπεγράφη χθές και θά τεθή είς ισχύν άπό τής προσεχούς εβδομάδος. Οί ενδιαφερόμενοι καλούνται όπως υποβάλουν τάς αιτήσεις των είς τάς αρμοδίας υπηρεσίας μέχρι τέλους τού μηνός, συνοδευομένας υπό τών απαραιτήτων δικαιολογητικών.
ΓΕΡΩΝ ΣΑΤΥΡΟΣ ΚΑΤΕΔΙΚΑΣΘΗ
ΑΘΗΝΑΙ, 18.— Κατά πληροφορίας έκ τού υπουργείου, ή σχετική απόφασις ύπεγράφη χθές και θά τεθή είς ισχύν άπό τής προσεχούς εβδομάδος. Οί ενδιαφερόμενοι καλούνται όπως υποβάλουν τάς αιτήσεις των είς τάς αρμοδίας υπηρεσίας μέχρι τέλους τού μηνός, συνοδευομένας υπό τών απαραιτήτων δικαιολογητικών.
ΓΕΡΩΝ ΑΠΕΘΑΝΕΝ ΕΝΩ ΕΠΑΙΖΕ «ΠΡΕΦΑ»
ΑΘΗΝΑΙ, 18.— Κατά πληροφορίας έκ τού υπουργείου, ή σχετική απόφασις ύπεγράφη χθές και θά τεθή είς ισχύν άπό τής προσεχούς εβδομάδος. Οί ενδιαφερόμενοι καλούνται όπως υποβάλουν τάς αιτήσεις των είς τάς αρμοδίας υπηρεσίας μέχρι τέλους τού μηνός, συνοδευομένας υπό τών απαραιτήτων δικαιολογητικών.
ΠΡΟΣΛΗΨΙΣ ΙΑΤΡΩΝ
ΑΘΗΝΑΙ, 18.— Κατά πληροφορίας έκ τού υπουργείου, ή σχετική απόφασις ύπεγράφη χθές και θά τεθή είς ισχύν άπό τής προσεχούς εβδομάδος. Οί ενδιαφερόμενοι καλούνται όπως υποβάλουν τάς αιτήσεις των είς τάς αρμοδίας υπηρεσίας μέχρι τέλους τού μηνός, συνοδευομένας υπό τών απαραιτήτων δικαιολογητικών.
Ο ΔΙΗΘΟΠΟΙΟΣ ΣΥΛΛΟΓΟΣ
ΑΘΗΝΑΙ, 18.— Κατά πληροφορίας έκ τού υπουργείου, ή σχετική απόφασις ύπεγράφη χθές και θά τεθή είς ισχύν άπό τής προσεχούς εβδομάδος. Οί ενδιαφερόμενοι καλούνται όπως υποβάλουν τάς αιτήσεις των είς τάς αρμοδίας υπηρεσίας μέχρι τέλους τού μηνός, συνοδευομένας υπό τών απαραιτήτων δικαιολογητικών.
ΠΡΟΣΛΗΨΙΣ ΔΑΚΤΥΛΟΓΡΑΦΟΥ
ΑΘΗΝΑΙ, 18.— Κατά πληροφορίας έκ τού υπουργείου, ή σχετική απόφασις ύπεγράφη χθές και θά τεθή είς ισχύν άπό τής προσεχούς εβδομάδος. Οί ενδιαφερόμενοι καλούνται όπως υποβάλουν τάς αιτήσεις των είς τάς αρμοδίας υπηρεσίας μέχρι τέλους τού μηνός, συνοδευομένας υπό τών απαραιτήτων δικαιολογητικών.
ΚΡΑΤΙΚΟΝ ΘΕΑΤΡΟΝ ΒΟΡΕΙΟΥ ΕΛΛΑΔΟΣ
ΕΝΑΛΛΑΣΣΟΜΕΝΟ ΔΡΑΜΑΤΟΛΟΓΙΟ
Ώρα 8.30 Λαϊκή Βραδυνή
Η ΣΤΡΙΓΓΛΑ ΠΟΥ ΕΓΙΝΕ ΑΡΝΑΚΙ
ΣΤΗ ΓΕΩΡΓ. ΣΧΟΛΗ
ΠΩΛΟΥΝΤΑΙ
200 ΟΙΚΟΠΕΔΑ
ΡΥΜΟΤΟΜΗΜΕΝΑ
ΑΓ. ΣΟΦΙΑΣ 26
ΤΗΛ. 79-144
Σελίς 5
ΚΑΤΟΠΙΝ ΤΩΝ ΝΕΩΝ ΜΕΤΡΩΝ
Αί ρωσικαί έπιχειρήσεις ήρχισαν νά διαθέτουν άποθεματικά κεφάλαια
ΑΛΛΑ ΠΑΡΑΜΕΝΟΥΝ ΕΛΕΥΘΕΡΑ
ΔΙ' ΩΡΙΣΜΕΝΟΝ ΜΟΝΟΝ ΧΡΟΝΟΝ
Συζητείται αύξησις τού έπιτοκίου
ΑΘΗΝΑΙ, 18.— Κατά πληροφορίας έκ τού υπουργείου, ή σχετική απόφασις ύπεγράφη χθές και θά τεθή είς ισχύν άπό τής προσεχούς εβδομάδος. Οί ενδιαφερόμενοι καλούνται όπως υποβάλουν τάς αιτήσεις των είς τάς αρμοδίας υπηρεσίας μέχρι τέλους τού μηνός, συνοδευομένας υπό τών απαραιτήτων δικαιολογητικών.
ΑΘΗΝΑΙ, 18.— Κατά πληροφορίας έκ τού υπουργείου, ή σχετική απόφασις ύπεγράφη χθές και θά τεθή είς ισχύν άπό τής προσεχούς εβδομάδος. Οί ενδιαφερόμενοι καλούνται όπως υποβάλουν τάς αιτήσεις των είς τάς αρμοδίας υπηρεσίας μέχρι τέλους τού μηνός, συνοδευομένας υπό τών απαραιτήτων δικαιολογητικών.
ΑΘΗΝΑΙ, 18.— Κατά πληροφορίας έκ τού υπουργείου, ή σχετική απόφασις ύπεγράφη χθές και θά τεθή είς ισχύν άπό τής προσεχούς εβδομάδος. Οί ενδιαφερόμενοι καλούνται όπως υποβάλουν τάς αιτήσεις των είς τάς αρμοδίας υπηρεσίας μέχρι τέλους τού μηνός, συνοδευομένας υπό τών απαραιτήτων δικαιολογητικών.
ΑΘΗΝΑΙ, 18.— Κατά πληροφορίας έκ τού υπουργείου, ή σχετική απόφασις ύπεγράφη χθές και θά τεθή είς ισχύν άπό τής προσεχούς εβδομάδος. Οί ενδιαφερόμενοι καλούνται όπως υποβάλουν τάς αιτήσεις των είς τάς αρμοδίας υπηρεσίας μέχρι τέλους τού μηνός, συνοδευομένας υπό τών απαραιτήτων δικαιολογητικών.
ΤΑ ΕΠΙΤΟΚΙΑ
ΑΘΗΝΑΙ, 18.— Κατά πληροφορίας έκ τού υπουργείου, ή σχετική απόφασις ύπεγράφη χθές και θά τεθή είς ισχύν άπό τής προσεχούς εβδομάδος. Οί ενδιαφερόμενοι καλούνται όπως υποβάλουν τάς αιτήσεις των είς τάς αρμοδίας υπηρεσίας μέχρι τέλους τού μηνός, συνοδευομένας υπό τών απαραιτήτων δικαιολογητικών.
ΑΠΟ ΤΗΣ ΚΗΡΥΞΕΩΣ ΤΟΥ ΚΙΝΗΜΑΤΟΣ
10.000 Ίνδονήσιοι άριστεροί
συνελήφθησαν είς Ιάβαν
ύπό τών ένόπλων δυνάμεων
ΟΙ ΦΙΛΟΚΟΜΜΟΥΝΙΣΤΑΙ ΒΟΥΛΕΥΤΑΙ
ΕΚΠΙΠΤΟΥΝ ΤΟΥ ΑΞΙΩΜΑΤΟΣ ΤΩΝ
ΑΘΗΝΑΙ, 18.— Κατά πληροφορίας έκ τού υπουργείου, ή σχετική απόφασις ύπεγράφη χθές και θά τεθή είς ισχύν άπό τής προσεχούς εβδομάδος. Οί ενδιαφερόμενοι καλούνται όπως υποβάλουν τάς αιτήσεις των είς τάς αρμοδίας υπηρεσίας μέχρι τέλους τού μηνός, συνοδευομένας υπό τών απαραιτήτων δικαιολογητικών.
ΑΘΗΝΑΙ, 18.— Κατά πληροφορίας έκ τού υπουργείου, ή σχετική απόφασις ύπεγράφη χθές και θά τεθή είς ισχύν άπό τής προσεχούς εβδομάδος. Οί ενδιαφερόμενοι καλούνται όπως υποβάλουν τάς αιτήσεις των είς τάς αρμοδίας υπηρεσίας μέχρι τέλους τού μηνός, συνοδευομένας υπό τών απαραιτήτων δικαιολογητικών.
ΑΘΗΝΑΙ, 18.— Κατά πληροφορίας έκ τού υπουργείου, ή σχετική απόφασις ύπεγράφη χθές και θά τεθή είς ισχύν άπό τής προσεχούς εβδομάδος. Οί ενδιαφερόμενοι καλούνται όπως υποβάλουν τάς αιτήσεις των είς τάς αρμοδίας υπηρεσίας μέχρι τέλους τού μηνός, συνοδευομένας υπό τών απαραιτήτων δικαιολογητικών.
ΑΘΗΝΑΙ, 18.— Κατά πληροφορίας έκ τού υπουργείου, ή σχετική απόφασις ύπεγράφη χθές και θά τεθή είς ισχύν άπό τής προσεχούς εβδομάδος. Οί ενδιαφερόμενοι καλούνται όπως υποβάλουν τάς αιτήσεις των είς τάς αρμοδίας υπηρεσίας μέχρι τέλους τού μηνός, συνοδευομένας υπό τών απαραιτήτων δικαιολογητικών.
ΠΛΗΓΜΑ ΔΙΑ ΤΗΝ ΑΜΕΡΙΚΗΝ ΘΕΩΡΕΙ Η ΚΙΝΑ ΤΗΝ ΨΗΦΟΦΟΡΙΑΝ ΕΠΙ ΤΗΣ ΕΙΣΟΔΟΥ ΤΗΣ
ΑΘΗΝΑΙ, 18.— Κατά πληροφορίας έκ τού υπουργείου, ή σχετική απόφασις ύπεγράφη χθές και θά τεθή είς ισχύν άπό τής προσεχούς εβδομάδος. Οί ενδιαφερόμενοι καλούνται όπως υποβάλουν τάς αιτήσεις των είς τάς αρμοδίας υπηρεσίας μέχρι τέλους τού μηνός, συνοδευομένας υπό τών απαραιτήτων δικαιολογητικών.
ΒΡΕΤΑΝΙΚΟΝ ΠΛΗΓΜΑ
ΑΘΗΝΑΙ, 18.— Κατά πληροφορίας έκ τού υπουργείου, ή σχετική απόφασις ύπεγράφη χθές και θά τεθή είς ισχύν άπό τής προσεχούς εβδομάδος. Οί ενδιαφερόμενοι καλούνται όπως υποβάλουν τάς αιτήσεις των είς τάς αρμοδίας υπηρεσίας μέχρι τέλους τού μηνός, συνοδευομένας υπό τών απαραιτήτων δικαιολογητικών.
ΑΘΗΝΑΙ, 18.— Κατά πληροφορίας έκ τού υπουργείου, ή σχετική απόφασις ύπεγράφη χθές και θά τεθή είς ισχύν άπό τής προσεχούς εβδομάδος. Οί ενδιαφερόμενοι καλούνται όπως υποβάλουν τάς αιτήσεις των είς τάς αρμοδίας υπηρεσίας μέχρι τέλους τού μηνός, συνοδευομένας υπό τών απαραιτήτων δικαιολογητικών.
ΡΩΣΙΚΑ ΣΧΟΛΙΑ
ΑΘΗΝΑΙ, 18.— Κατά πληροφορίας έκ τού υπουργείου, ή σχετική απόφασις ύπεγράφη χθές και θά τεθή είς ισχύν άπό τής προσεχούς εβδομάδος. Οί ενδιαφερόμενοι καλούνται όπως υποβάλουν τάς αιτήσεις των είς τάς αρμοδίας υπηρεσίας μέχρι τέλους τού μηνός, συνοδευομένας υπό τών απαραιτήτων δικαιολογητικών.
ΔΕΗ
ΥΠΟΒΟΛΗ ΠΡΟΣΦΟΡΩΝ ΔΙΑ ΜΙΣΘΩΣΙΝ ΑΚΙΝΗΤΟΥ
ΑΘΗΝΑΙ, 18.— Κατά πληροφορίας έκ τού υπουργείου, ή σχετική απόφασις ύπεγράφη χθές και θά τεθή είς ισχύν άπό τής προσεχούς εβδομάδος. Οί ενδιαφερόμενοι καλούνται όπως υποβάλουν τάς αιτήσεις των είς τάς αρμοδίας υπηρεσίας μέχρι τέλους τού μηνός, συνοδευομένας υπό τών απαραιτήτων δικαιολογητικών.
ΔΙΕΥΘΥΝΣΙΣ ΠΕΡΙΟΧΕΣ ΜΑΚΕΔΟΝΙΑΣ—ΘΡΑΚΗΣ
ΧΡΙΣΤΟΥΓΕΝΝΑ - ΠΡΩΤΟΧΡΟΝΙΑ
Γιορτές πίς Γιορτές με τίς έκδρομές μας διά ΒΙΕΝΝΗ — ΒΟΥΔΑΠΕΣΤΗ — ΒΕΛΙΓΡΑΔΙ — ΒΟΥΚΟΥΡΕΣΤΙ — ΣΟΦΙΑ — ΟΔΗΣΣΑ — ΜΟΣΧΑ — ΛΕΝΙΝΓΚΡΑΝΤ — ΚΑΪΡΟΝ — ΙΕΡΟΣΟΛΥΜΑ
ΠΡΑΚΤΟΡΕΙΟΝ ΔΟΥΚΑ Ο.Ε.
ΒΕΝΙΖΕΛΟΥ 8. ΤΗΛΕΦ. 24.100. 27.810
